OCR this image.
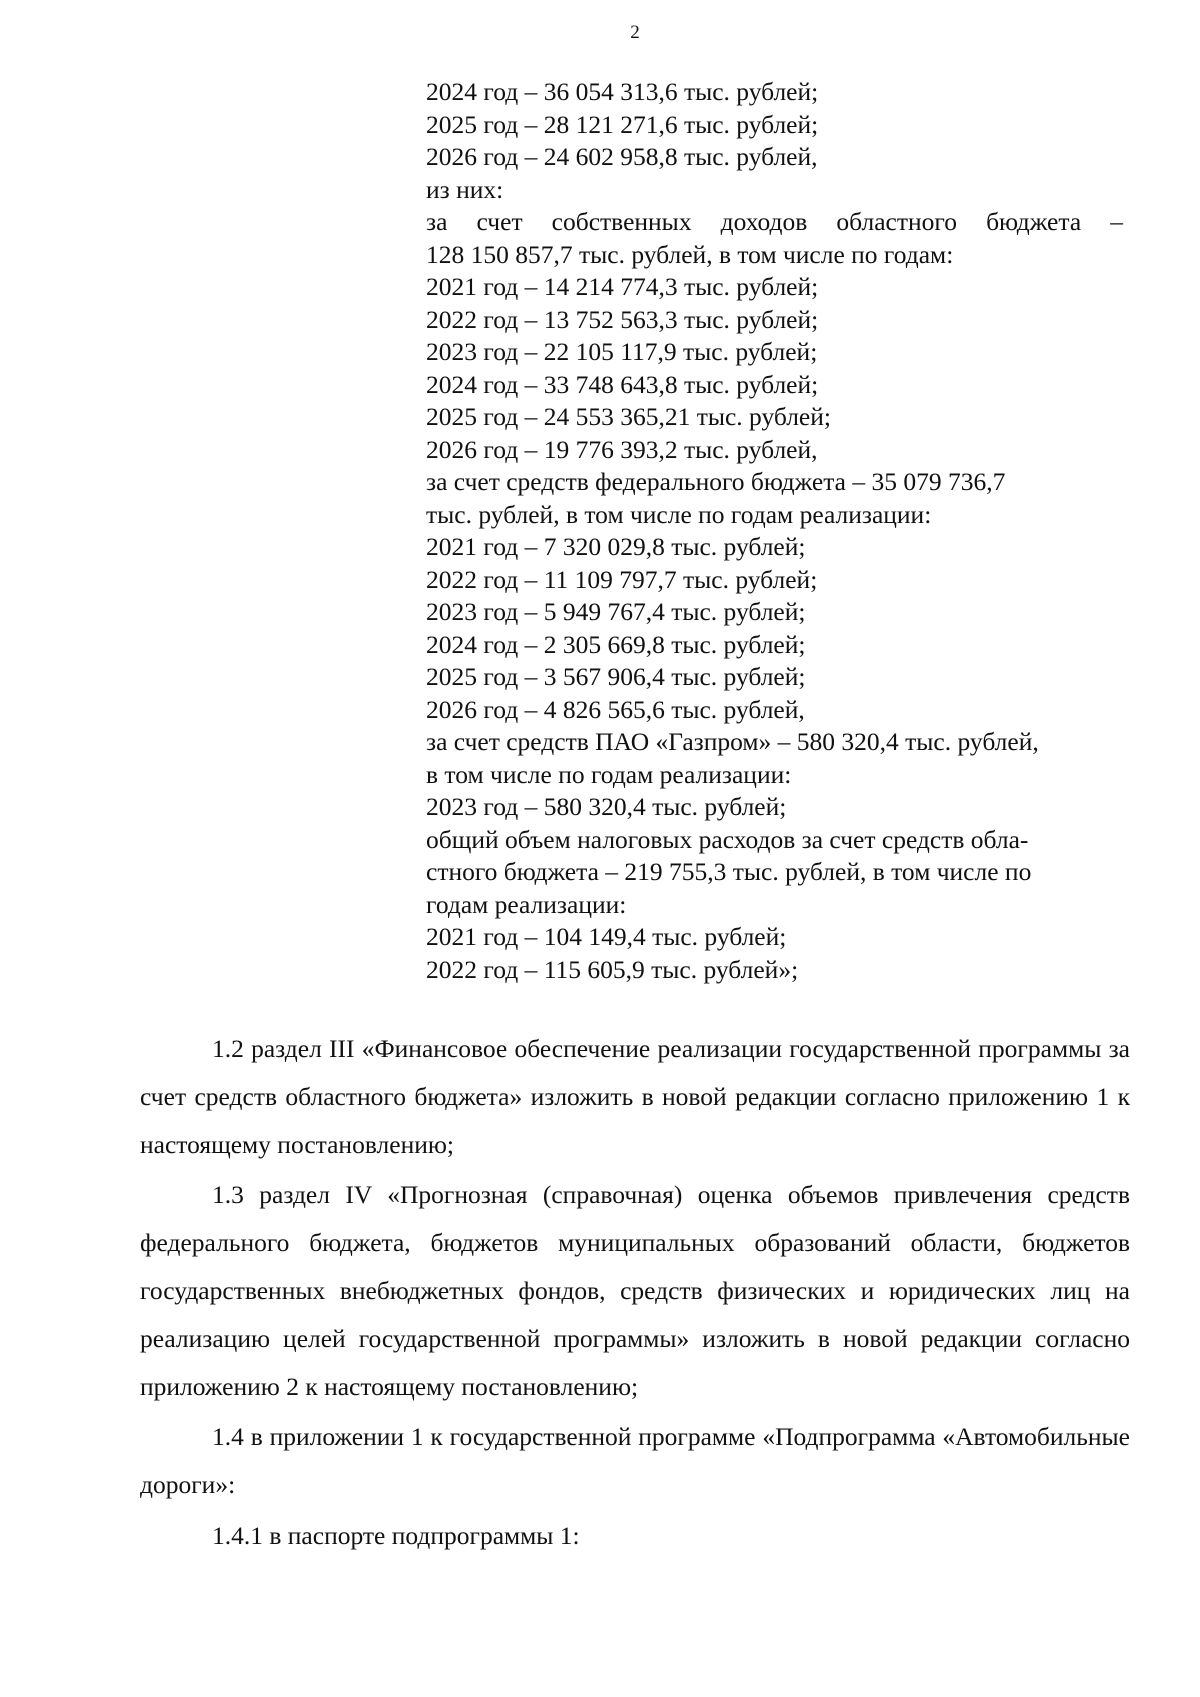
2
2024 год – 36 054 313,6 тыс. рублей;
2025 год – 28 121 271,6 тыс. рублей;
2026 год – 24 602 958,8 тыс. рублей,
из них:
за счет собственных доходов областного бюджета –
128 150 857,7 тыс. рублей, в том числе по годам:
2021 год – 14 214 774,3 тыс. рублей;
2022 год – 13 752 563,3 тыс. рублей;
2023 год – 22 105 117,9 тыс. рублей;
2024 год – 33 748 643,8 тыс. рублей;
2025 год – 24 553 365,21 тыс. рублей;
2026 год – 19 776 393,2 тыс. рублей,
за счет средств федерального бюджета – 35 079 736,7
тыс. рублей, в том числе по годам реализации:
2021 год – 7 320 029,8 тыс. рублей;
2022 год – 11 109 797,7 тыс. рублей;
2023 год – 5 949 767,4 тыс. рублей;
2024 год – 2 305 669,8 тыс. рублей;
2025 год – 3 567 906,4 тыс. рублей;
2026 год – 4 826 565,6 тыс. рублей,
за счет средств ПАО «Газпром» – 580 320,4 тыс. рублей,
в том числе по годам реализации:
2023 год – 580 320,4 тыс. рублей;
общий объем налоговых расходов за счет средств обла-
стного бюджета – 219 755,3 тыс. рублей, в том числе по
годам реализации:
2021 год – 104 149,4 тыс. рублей;
2022 год – 115 605,9 тыс. рублей»;

1.2 раздел III «Финансовое обеспечение реализации государственной программы за счет средств областного бюджета» изложить в новой редакции согласно приложению 1 к настоящему постановлению;

1.3 раздел IV «Прогнозная (справочная) оценка объемов привлечения средств федерального бюджета, бюджетов муниципальных образований области, бюджетов государственных внебюджетных фондов, средств физических и юридических лиц на реализацию целей государственной программы» изложить в новой редакции согласно приложению 2 к настоящему постановлению;

1.4 в приложении 1 к государственной программе «Подпрограмма «Автомобильные дороги»:

1.4.1 в паспорте подпрограммы 1:
